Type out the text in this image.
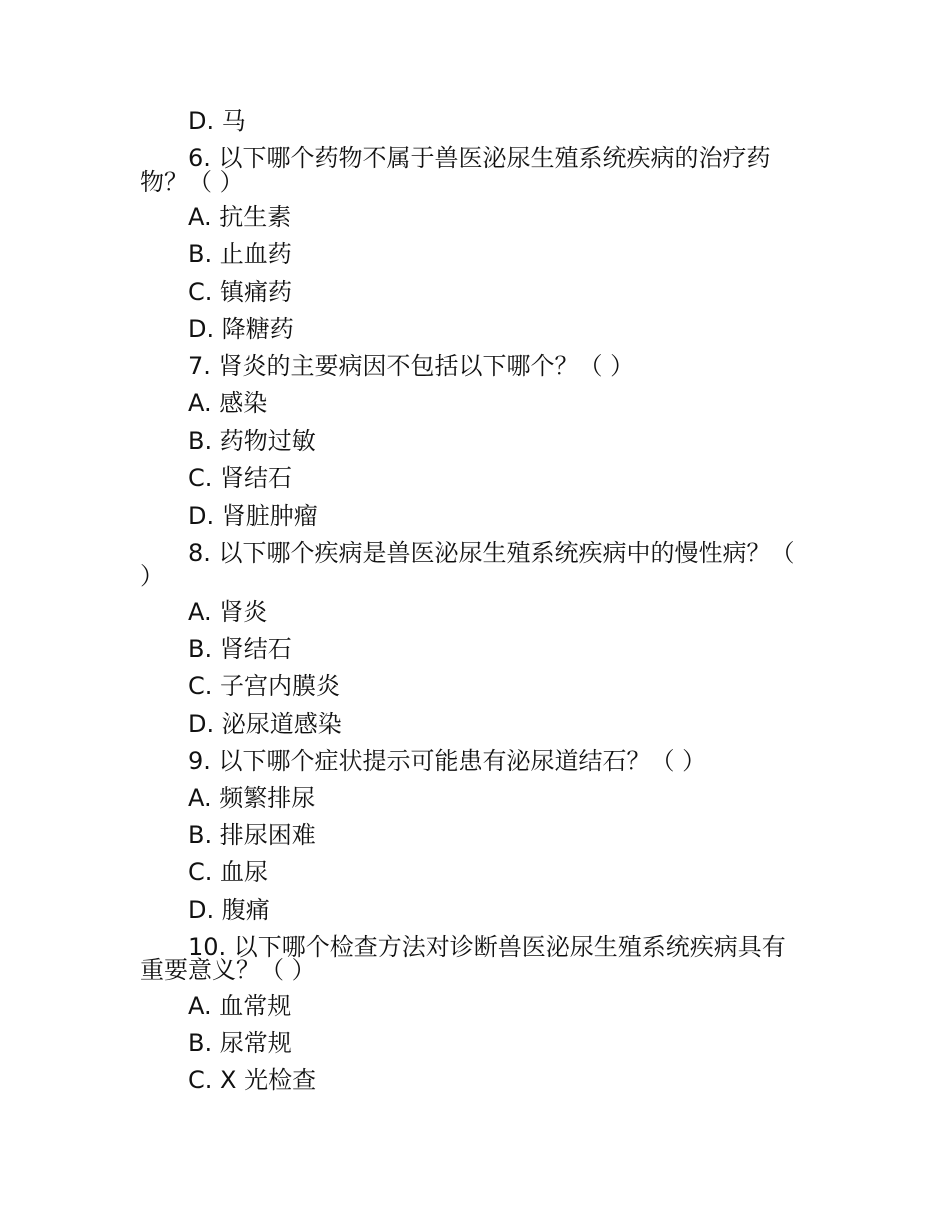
D. 马
6. 以下哪个药物不属于兽医泌尿生殖系统疾病的治疗药
物？（ ）
A. 抗生素
B. 止血药
C. 镇痛药
D. 降糖药
7. 肾炎的主要病因不包括以下哪个？（ ）
A. 感染
B. 药物过敏
C. 肾结石
D. 肾脏肿瘤
8. 以下哪个疾病是兽医泌尿生殖系统疾病中的慢性病？（
）
A. 肾炎
B. 肾结石
C. 子宫内膜炎
D. 泌尿道感染
9. 以下哪个症状提示可能患有泌尿道结石？（ ）
A. 频繁排尿
B. 排尿困难
C. 血尿
D. 腹痛
10. 以下哪个检查方法对诊断兽医泌尿生殖系统疾病具有
重要意义？（ ）
A. 血常规
B. 尿常规
C. X 光检查
